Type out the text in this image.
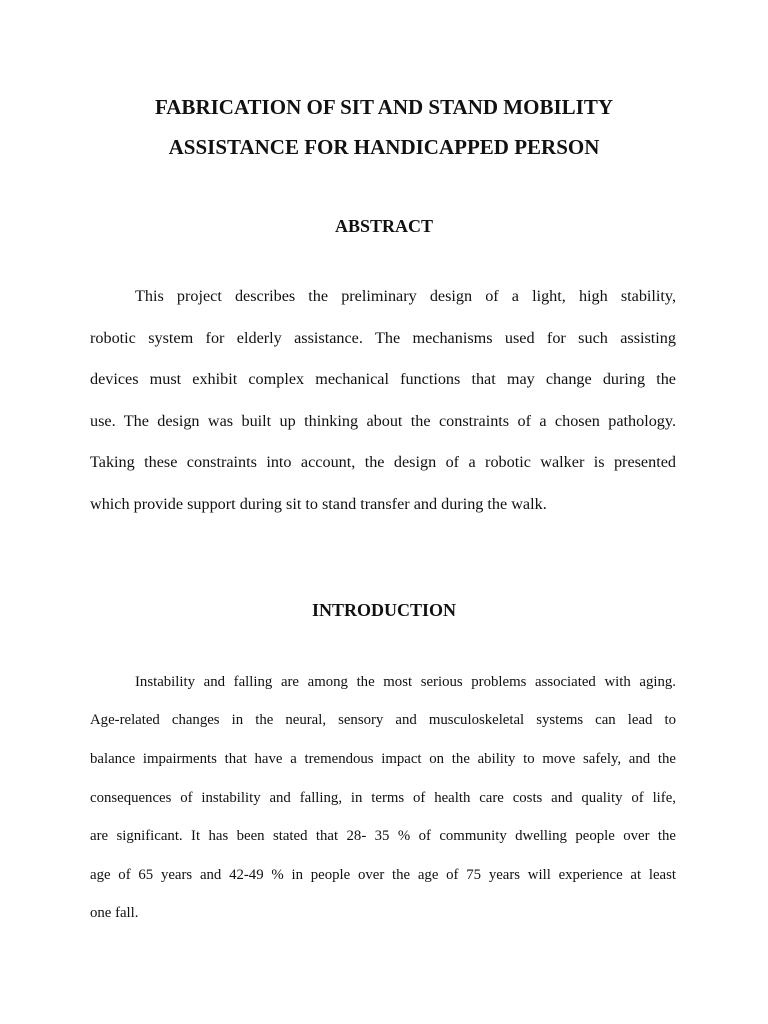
FABRICATION OF SIT AND STAND MOBILITY
ASSISTANCE FOR HANDICAPPED PERSON
ABSTRACT
This project describes the preliminary design of a light, high stability,
robotic system for elderly assistance. The mechanisms used for such assisting
devices must exhibit complex mechanical functions that may change during the
use. The design was built up thinking about the constraints of a chosen pathology.
Taking these constraints into account, the design of a robotic walker is presented
which provide support during sit to stand transfer and during the walk.
INTRODUCTION
Instability and falling are among the most serious problems associated with aging.
Age-related changes in the neural, sensory and musculoskeletal systems can lead to
balance impairments that have a tremendous impact on the ability to move safely, and the
consequences of instability and falling, in terms of health care costs and quality of life,
are significant. It has been stated that 28- 35 % of community dwelling people over the
age of 65 years and 42-49 % in people over the age of 75 years will experience at least
one fall.
